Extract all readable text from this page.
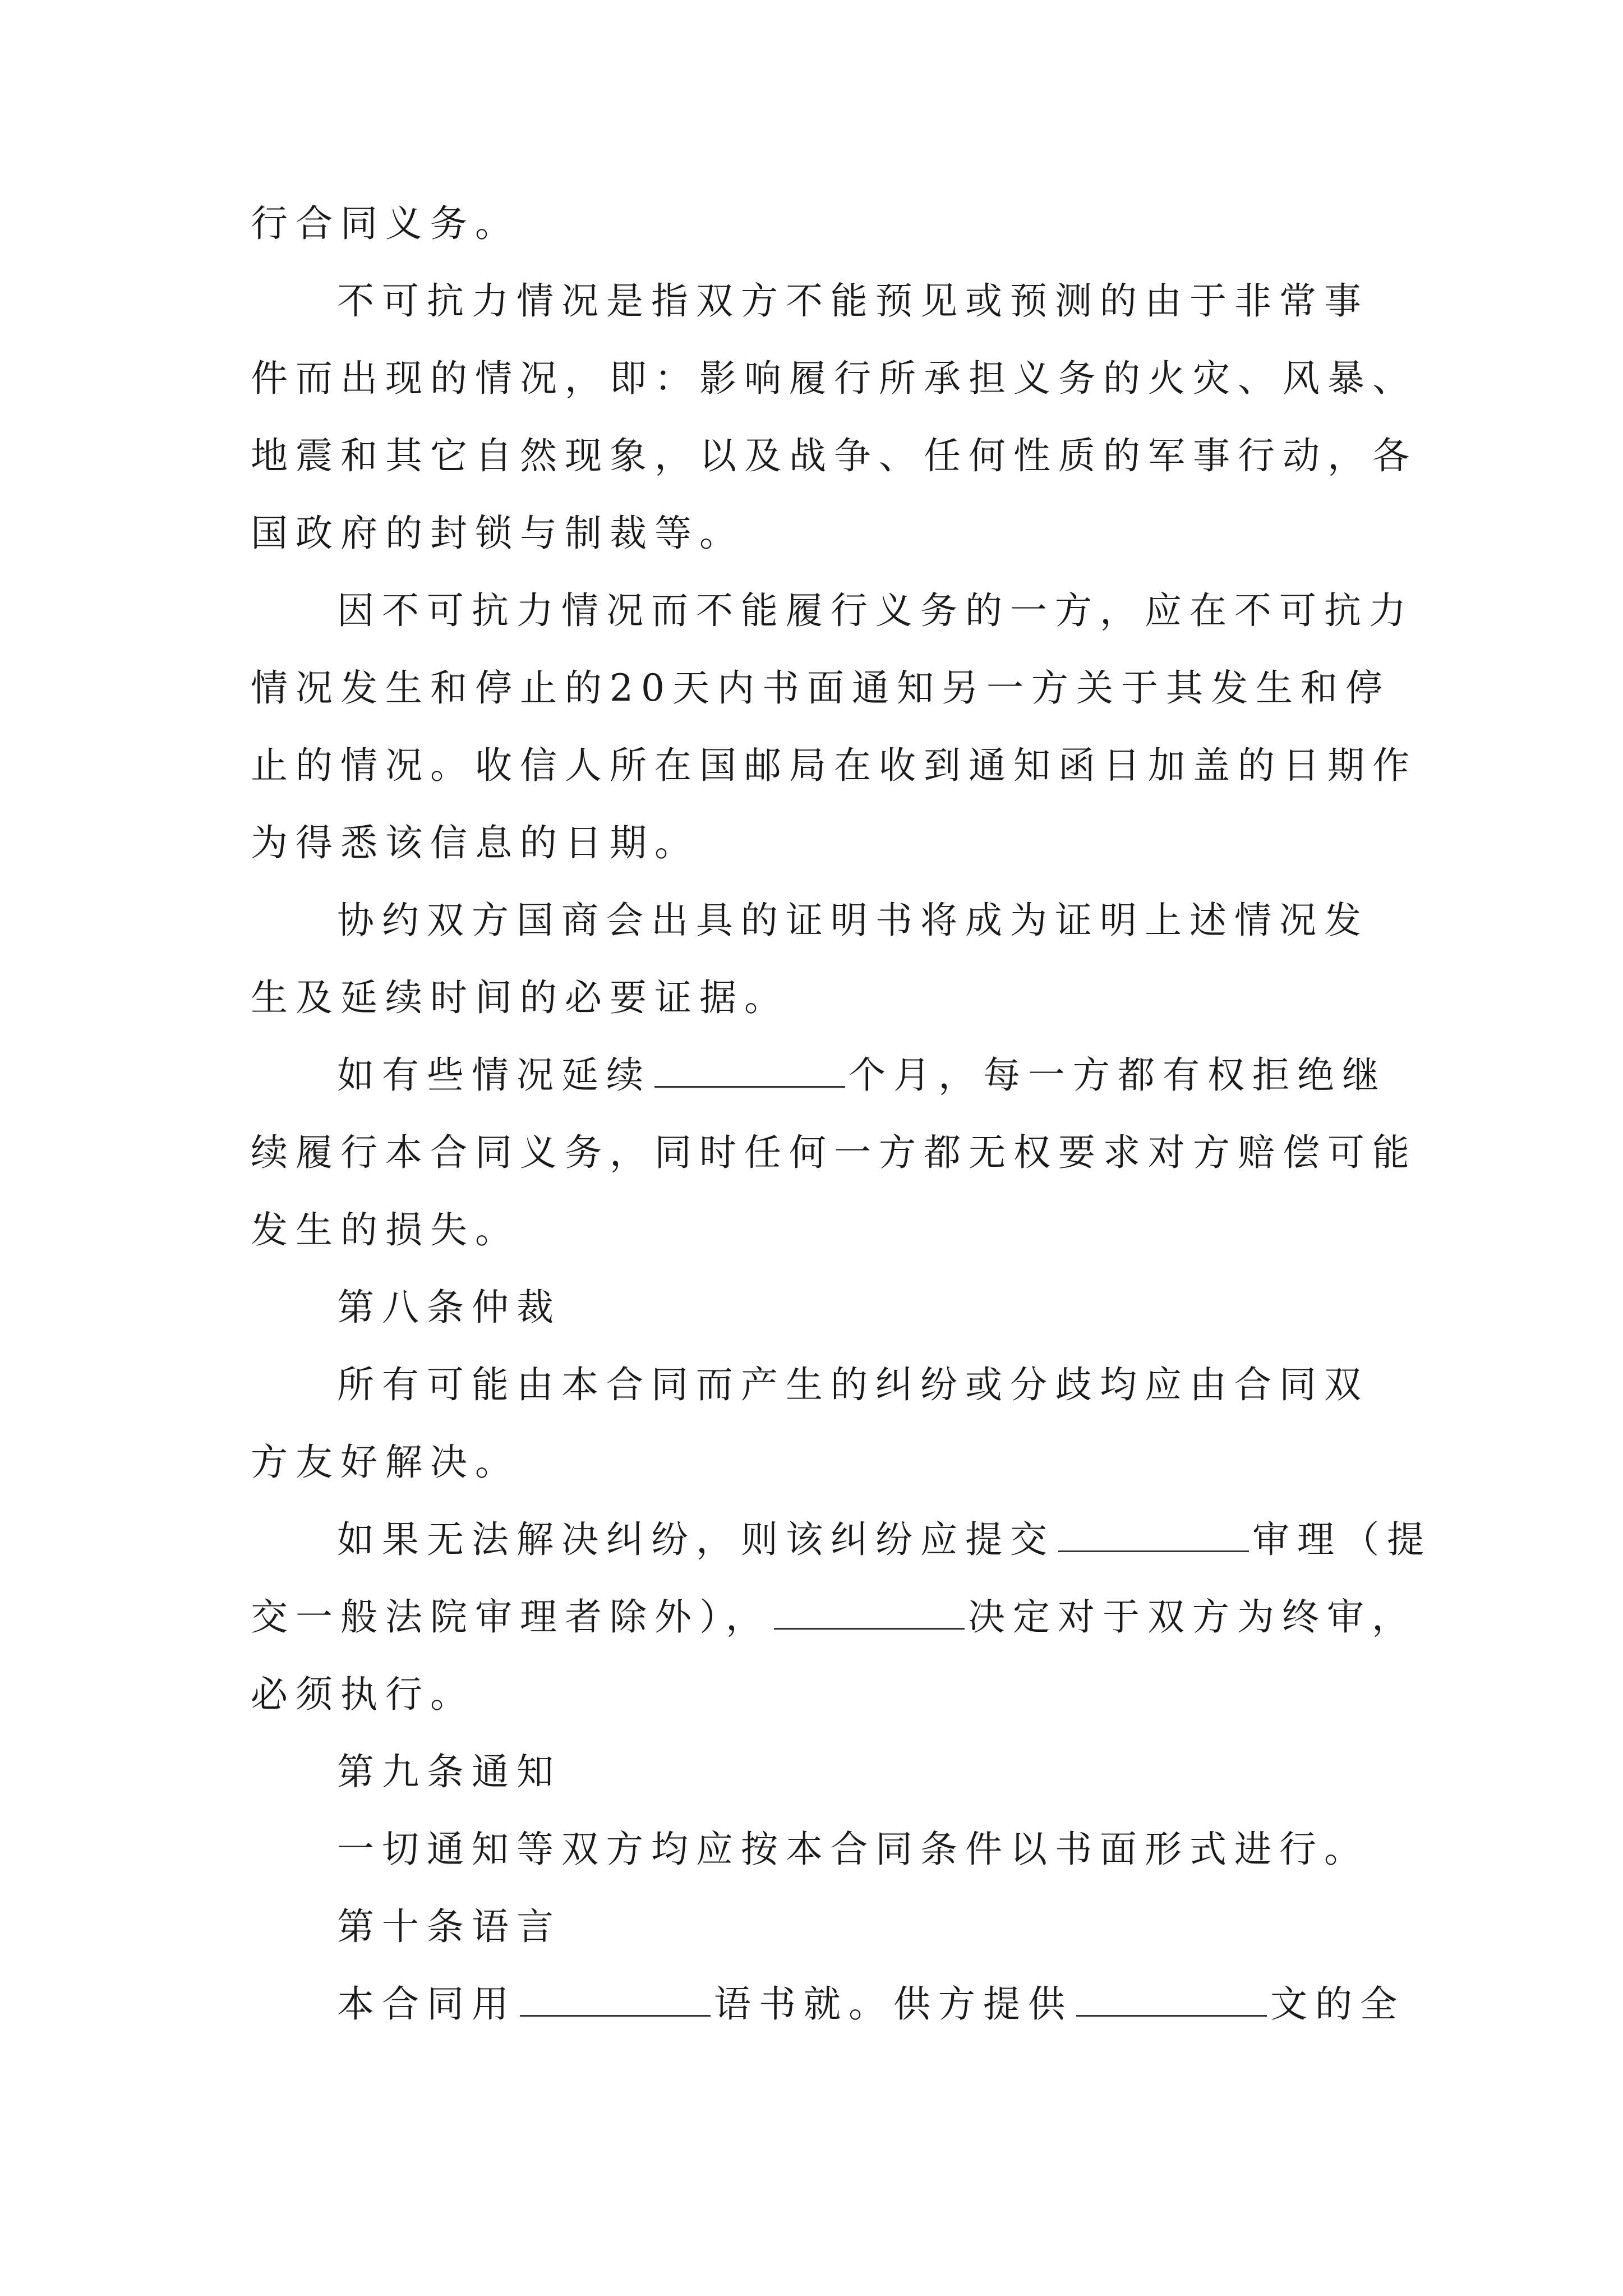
行合同义务。
不可抗力情况是指双方不能预见或预测的由于非常事
件而出现的情况，即：影响履行所承担义务的火灾、风暴、
地震和其它自然现象，以及战争、任何性质的军事行动，各
国政府的封锁与制裁等。
因不可抗力情况而不能履行义务的一方，应在不可抗力
情况发生和停止的20天内书面通知另一方关于其发生和停
止的情况。收信人所在国邮局在收到通知函日加盖的日期作
为得悉该信息的日期。
协约双方国商会出具的证明书将成为证明上述情况发
生及延续时间的必要证据。
如有些情况延续	个月，每一方都有权拒绝继
续履行本合同义务，同时任何一方都无权要求对方赔偿可能
发生的损失。
第八条仲裁
所有可能由本合同而产生的纠纷或分歧均应由合同双
方友好解决。
如果无法解决纠纷，则该纠纷应提交	审理（提
交一般法院审理者除外），	决定对于双方为终审，
必须执行。
第九条通知
一切通知等双方均应按本合同条件以书面形式进行。
第十条语言
本合同用	语书就。供方提供	文的全
